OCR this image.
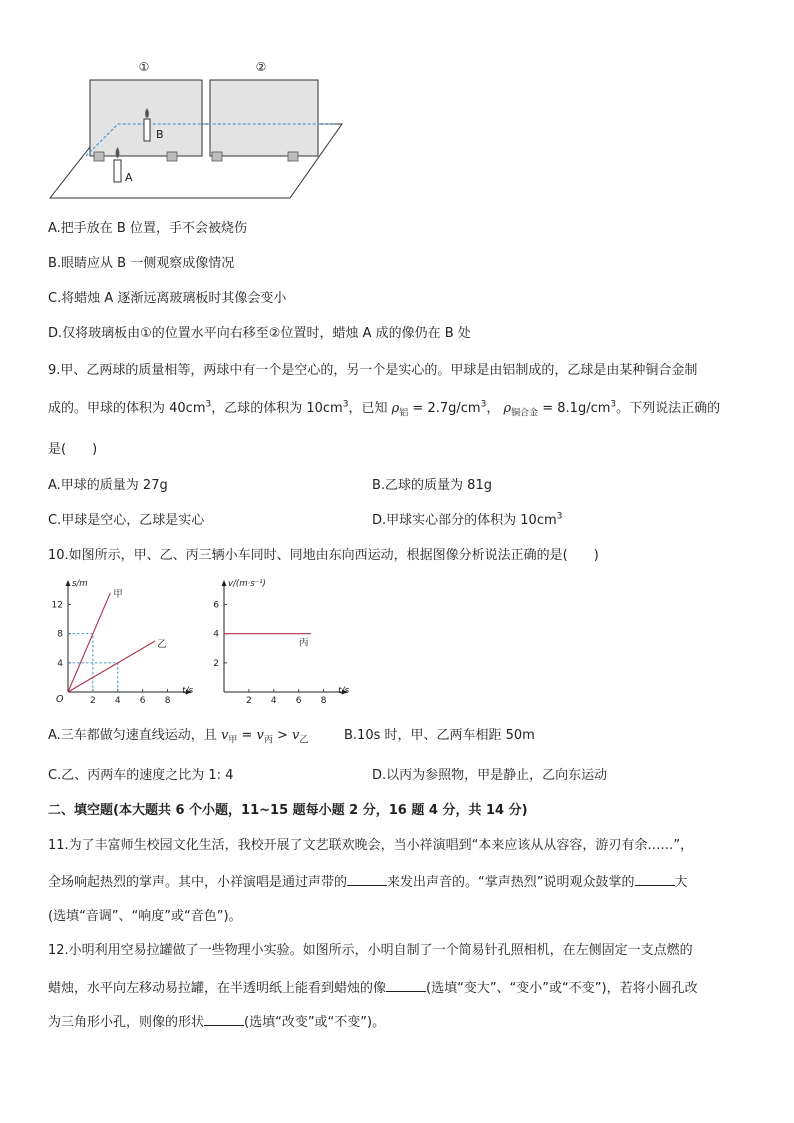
①	②
B
A
A.把手放在 B 位置，手不会被烧伤
B.眼睛应从 B 一侧观察成像情况
C.将蜡烛 A 逐渐远离玻璃板时其像会变小
D.仅将玻璃板由①的位置水平向右移至②位置时，蜡烛 A 成的像仍在 B 处
9.甲、乙两球的质量相等，两球中有一个是空心的，另一个是实心的。甲球是由铝制成的，乙球是由某种铜合金制
成的。甲球的体积为 $40cm^3$，乙球的体积为 $10cm^3$，已知 $\rho_铝 = 2.7g/cm^3$， $\rho_{铜合金} = 8.1g/cm^3$。下列说法正确的
是(　　)
A.甲球的质量为 27g	B.乙球的质量为 81g
C.甲球是空心，乙球是实心	D.甲球实心部分的体积为 $10cm^3$
10.如图所示，甲、乙、丙三辆小车同时、同地由东向西运动，根据图像分析说法正确的是(　　)
t/s
s/m
O	2 4 6 8
4
8
12
甲
乙
t/s
v/(m·s⁻¹)
2 4 6 8
2
4
6
丙
A.三车都做匀速直线运动，且 $v_甲 = v_丙 > v_乙$	B.10s 时，甲、乙两车相距 50m
C.乙、丙两车的速度之比为 1: 4	D.以丙为参照物，甲是静止，乙向东运动
二、填空题(本大题共 6 个小题，11~15 题每小题 2 分，16 题 4 分，共 14 分)
11.为了丰富师生校园文化生活，我校开展了文艺联欢晚会，当小祥演唱到“本来应该从从容容，游刃有余……”，
全场响起热烈的掌声。其中，小祥演唱是通过声带的	来发出声音的。“掌声热烈”说明观众鼓掌的	大
(选填“音调”、“响度”或“音色”)。
12.小明利用空易拉罐做了一些物理小实验。如图所示，小明自制了一个简易针孔照相机，在左侧固定一支点燃的
蜡烛，水平向左移动易拉罐，在半透明纸上能看到蜡烛的像	(选填“变大”、“变小”或“不变”)，若将小圆孔改
为三角形小孔，则像的形状	(选填“改变”或“不变”)。
